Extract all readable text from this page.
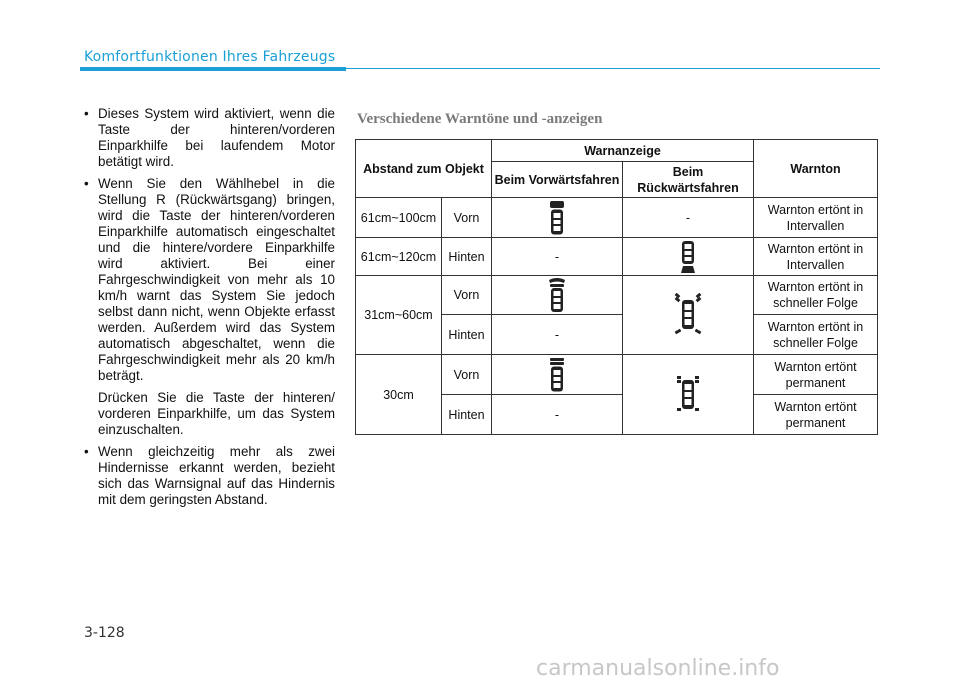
Komfortfunktionen Ihres Fahrzeugs
• Dieses System wird aktiviert, wenn die Taste der hinteren/vorderen Einparkhilfe bei laufendem Motor betätigt wird.
• Wenn Sie den Wählhebel in die Stellung R (Rückwärtsgang) bringen, wird die Taste der hinteren/vorderen Einparkhilfe automatisch eingeschaltet und die hintere/vordere Einparkhilfe wird aktiviert. Bei einer Fahrgeschwindigkeit von mehr als 10 km/h warnt das System Sie jedoch selbst dann nicht, wenn Objekte erfasst werden. Außerdem wird das System automatisch abgeschaltet, wenn die Fahrgeschwindigkeit mehr als 20 km/h beträgt.

Drücken Sie die Taste der hinteren/ vorderen Einparkhilfe, um das System einzuschalten.

• Wenn gleichzeitig mehr als zwei Hindernisse erkannt werden, bezieht sich das Warnsignal auf das Hindernis mit dem geringsten Abstand.
Verschiedene Warntöne und -anzeigen
Abstand zum Objekt		Warnanzeige		Warnton
		Beim Vorwärtsfahren	Beim Rückwärtsfahren	
61cm~100cm	Vorn		-	Warnton ertönt in Intervallen
61cm~120cm	Hinten	-		Warnton ertönt in Intervallen
31cm~60cm	Vorn			Warnton ertönt in schneller Folge
	Hinten	-		Warnton ertönt in schneller Folge
30cm	Vorn			Warnton ertönt permanent
	Hinten	-		Warnton ertönt permanent
3-128
carmanualsonline.info
